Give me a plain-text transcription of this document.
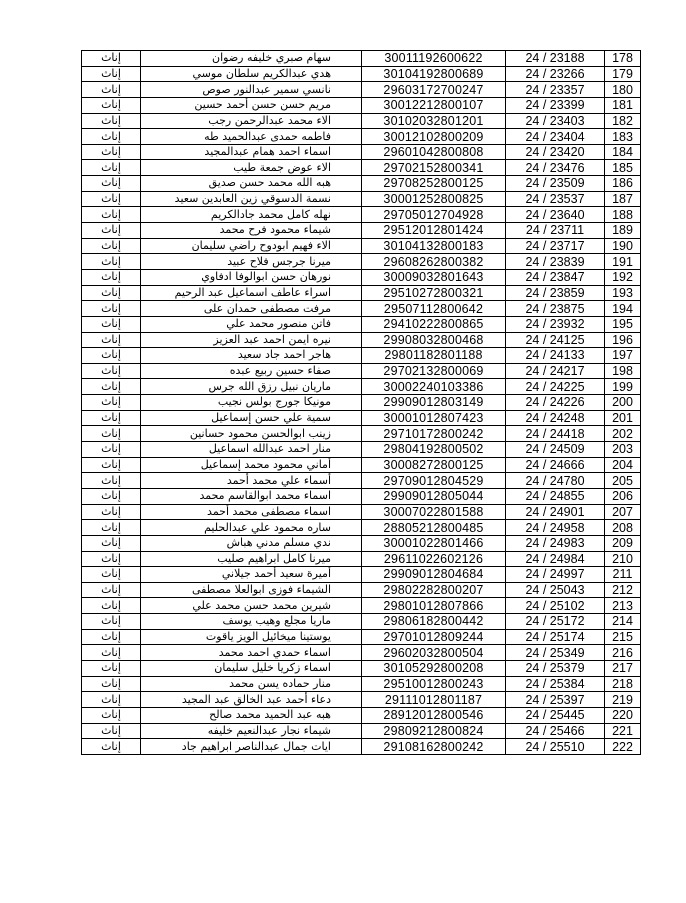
إناث	سهام صبري خليفه رضوان	30011192600622	24 / 23188	178
إناث	هدي عبدالكريم سلطان موسي	30104192800689	24 / 23266	179
إناث	نانسي سمير عبدالنور صوص	29603172700247	24 / 23357	180
إناث	مريم حسن حسن أحمد حسين	30012212800107	24 / 23399	181
إناث	الاء محمد عبدالرحمن رجب	30102032801201	24 / 23403	182
إناث	فاطمه حمدى عبدالحميد طه	30012102800209	24 / 23404	183
إناث	اسماء احمد همام عبدالمجيد	29601042800808	24 / 23420	184
إناث	الاء عوض جمعة طيب	29702152800341	24 / 23476	185
إناث	هبه الله محمد حسن صديق	29708252800125	24 / 23509	186
إناث	نسمة الدسوقي زين العابدين سعيد	30001252800825	24 / 23537	187
إناث	نهله كامل محمد جادالكريم	29705012704928	24 / 23640	188
إناث	شيماء محمود فرح محمد	29512012801424	24 / 23711	189
إناث	الاء فهيم ابودوح راضي سليمان	30104132800183	24 / 23717	190
إناث	ميرنا جرجس فلاح عبيد	29608262800382	24 / 23839	191
إناث	نورهان حسن ابوالوفا ادفاوي	30009032801643	24 / 23847	192
إناث	اسراء عاطف اسماعيل عبد الرحيم	29510272800321	24 / 23859	193
إناث	مرفت مصطفى حمدان على	29507112800642	24 / 23875	194
إناث	فاتن منصور محمد علي	29410222800865	24 / 23932	195
إناث	نيره ايمن احمد عبد العزيز	29908032800468	24 / 24125	196
إناث	هاجر احمد جاد سعيد	29801182801188	24 / 24133	197
إناث	صفاء حسين ربيع عبده	29702132800069	24 / 24217	198
إناث	ماريان نبيل رزق الله جرس	30002240103386	24 / 24225	199
إناث	مونيكا جورج بولس نجيب	29909012803149	24 / 24226	200
إناث	سمية علي حسن إسماعيل	30001012807423	24 / 24248	201
إناث	زينب ابوالحسن محمود حسانين	29710172800242	24 / 24418	202
إناث	منار احمد عبدالله اسماعيل	29804192800502	24 / 24509	203
إناث	أماني محمود محمد إسماعيل	30008272800125	24 / 24666	204
إناث	أسماء علي محمد أحمد	29709012804529	24 / 24780	205
إناث	اسماء محمد ابوالقاسم محمد	29909012805044	24 / 24855	206
إناث	اسماء مصطفى محمد أحمد	30007022801588	24 / 24901	207
إناث	ساره محمود علي عبدالحليم	28805212800485	24 / 24958	208
إناث	ندي مسلم مدني هباش	30001022801466	24 / 24983	209
إناث	ميرنا كامل ابراهيم صليب	29611022602126	24 / 24984	210
إناث	أميرة سعيد أحمد جيلاني	29909012804684	24 / 24997	211
إناث	الشيماء فوزى ابوالعلا مصطفى	29802282800207	24 / 25043	212
إناث	شيرين محمد حسن محمد علي	29801012807866	24 / 25102	213
إناث	ماريا مجلع وهيب يوسف	29806182800442	24 / 25172	214
إناث	يوستينا ميخائيل الويز ياقوت	29701012809244	24 / 25174	215
إناث	اسماء حمدي احمد محمد	29602032800504	24 / 25349	216
إناث	اسماء زكريا خليل سليمان	30105292800208	24 / 25379	217
إناث	منار حماده يسن محمد	29510012800243	24 / 25384	218
إناث	دعاء أحمد عبد الخالق عبد المجيد	29111012801187	24 / 25397	219
إناث	هبه عبد الحميد محمد صالح	28912012800546	24 / 25445	220
إناث	شيماء نجار عبدالنعيم خليفه	29809212800824	24 / 25466	221
إناث	ايات جمال عبدالناصر ابراهيم جاد	29108162800242	24 / 25510	222
